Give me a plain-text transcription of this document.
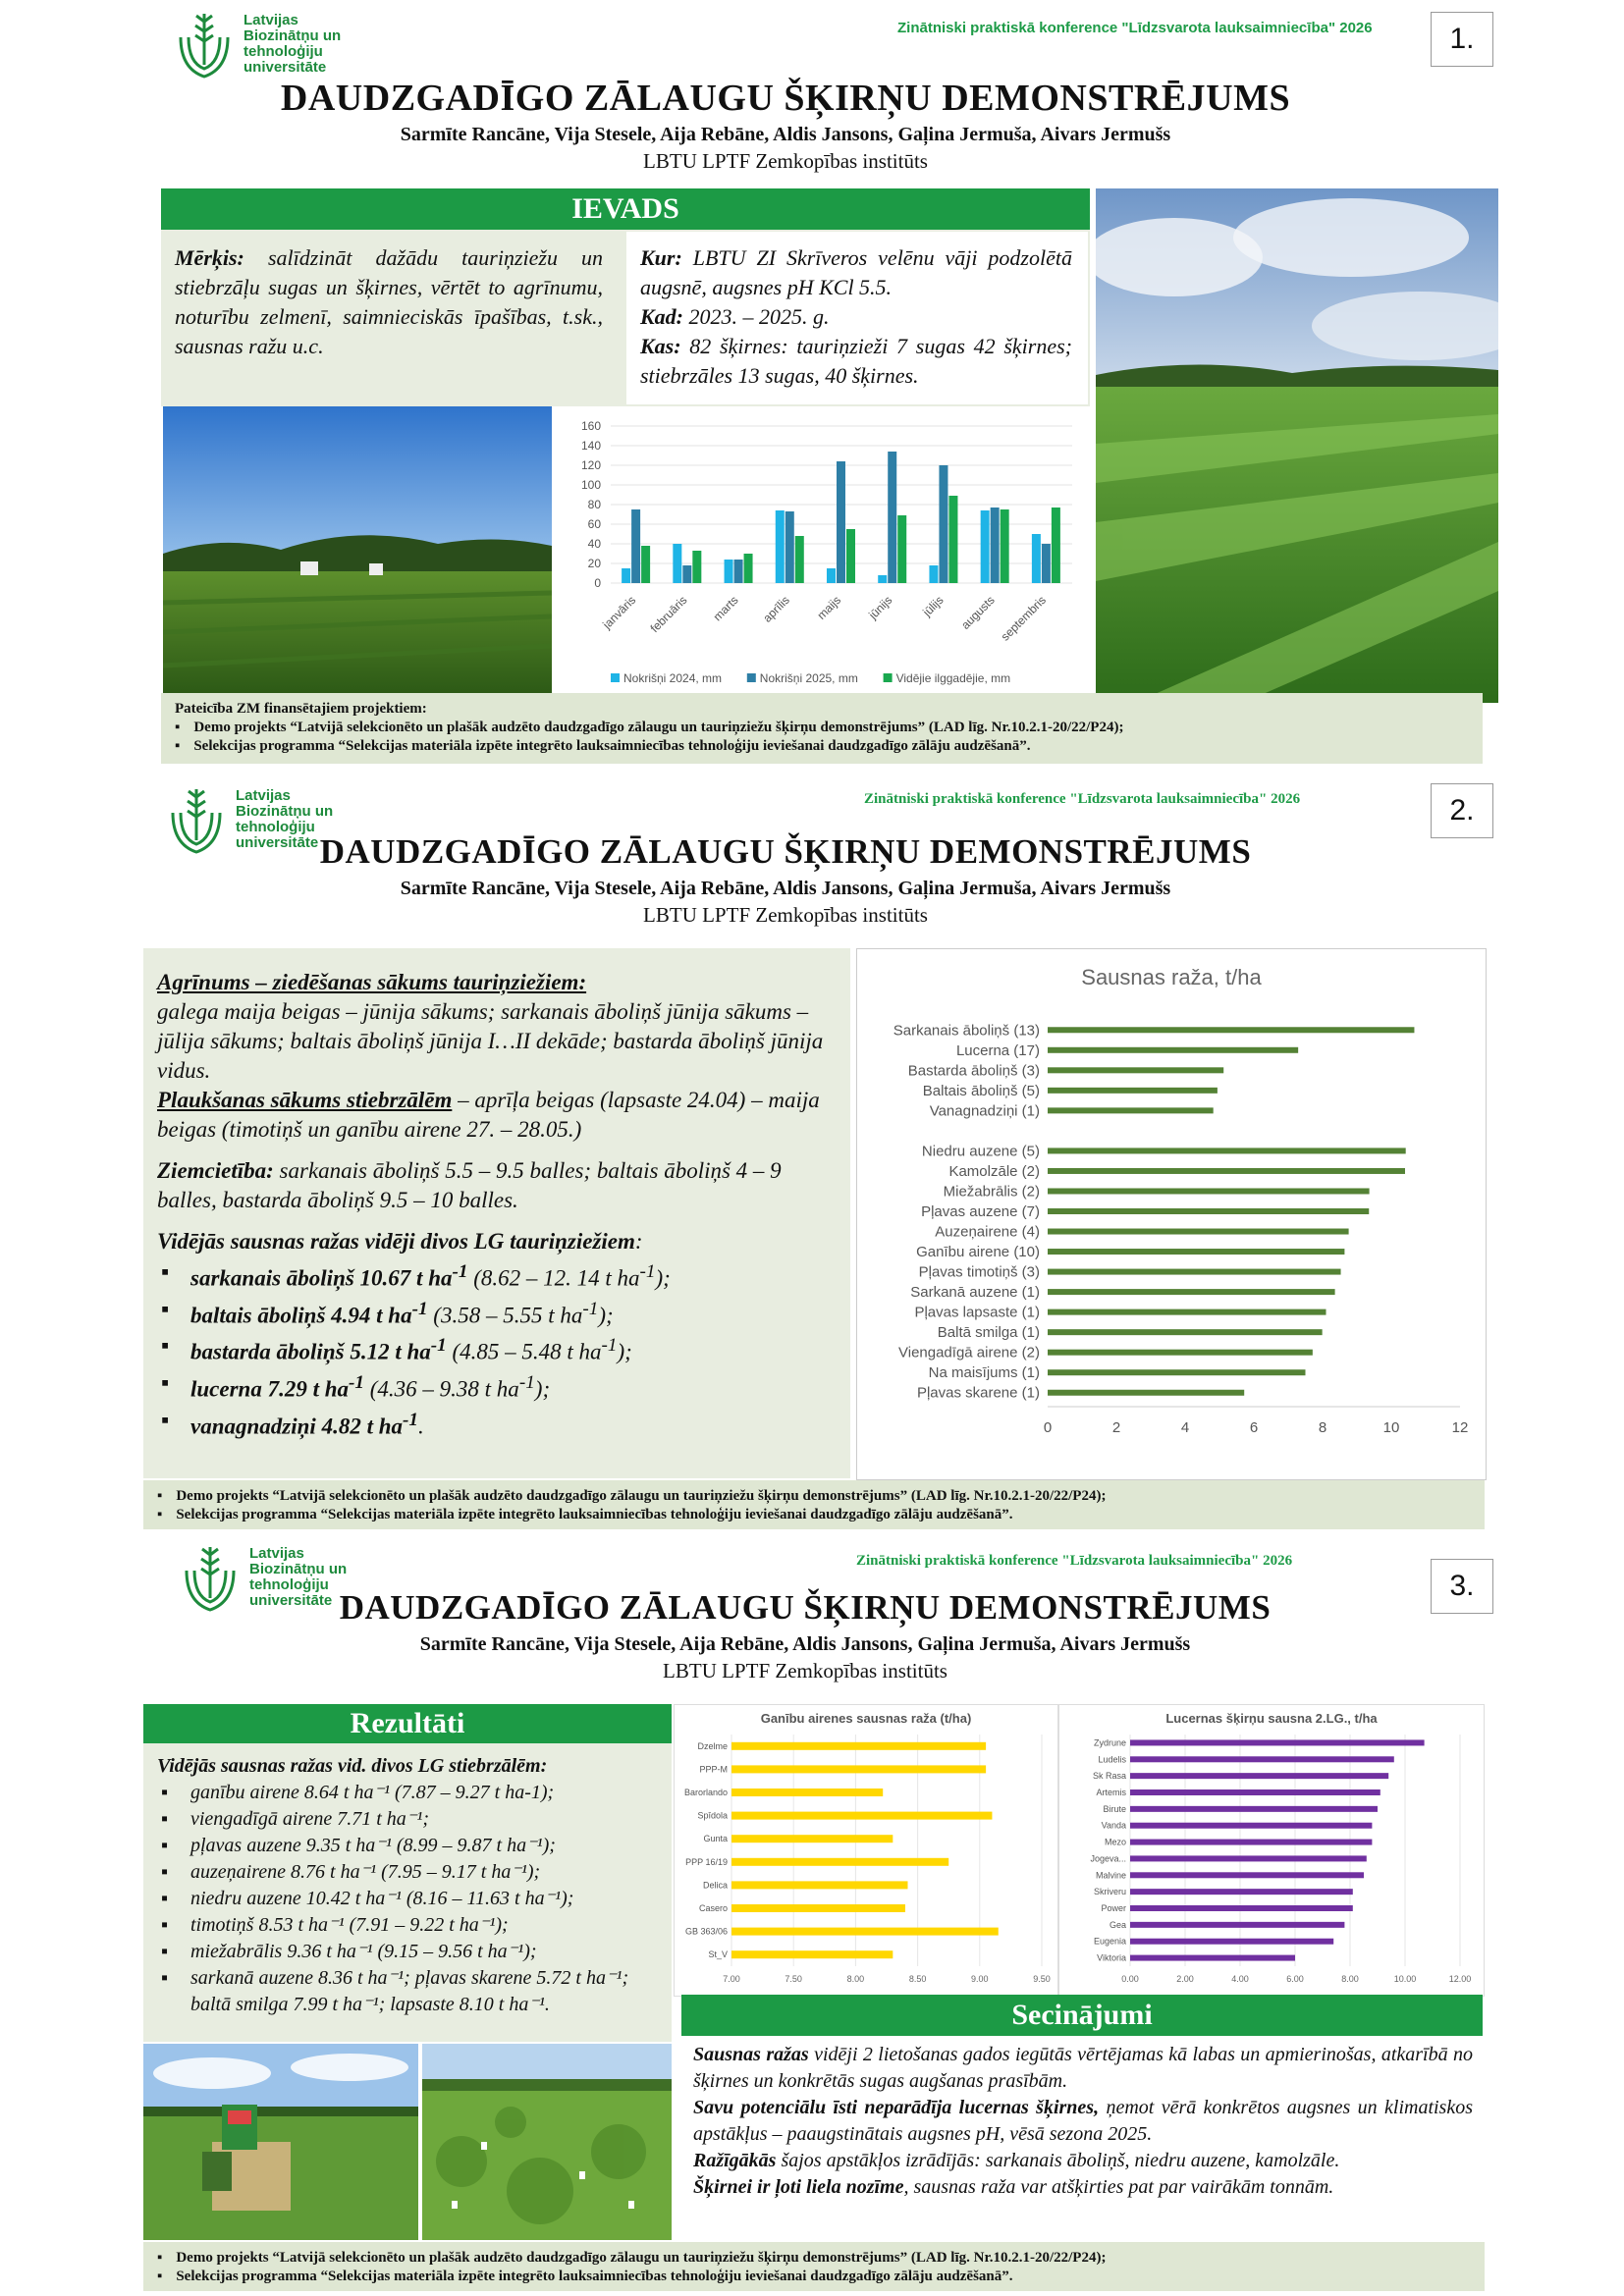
Latvijas
Biozinātņu un
tehnoloģiju
universitāte
Zinātniski praktiskā konference "Līdzsvarota lauksaimniecība" 2026	1.
DAUDZGADĪGO ZĀLAUGU ŠĶIRŅU DEMONSTRĒJUMS
Sarmīte Rancāne, Vija Stesele, Aija Rebāne, Aldis Jansons, Gaļina Jermuša, Aivars Jermušs
LBTU LPTF Zemkopības institūts
IEVADS
Mērķis: salīdzināt dažādu tauriņziežu un stiebrzāļu sugas un šķirnes, vērtēt to agrīnumu, noturību zelmenī, saimnieciskās īpašības, t.sk., sausnas ražu u.c.
Kur: LBTU ZI Skrīveros velēnu vāji podzolētā augsnē, augsnes pH KCl 5.5.
Kad: 2023. – 2025. g.
Kas: 82 šķirnes: tauriņzieži 7 sugas 42 šķirnes; stiebrzāles 13 sugas, 40 šķirnes.
0
20
40
60
80
100
120
140
160
janvāris februāris marts aprīlis maijs jūnijs jūlijs augusts septembris
Nokrišņi 2024, mm	Nokrišņi 2025, mm	Vidējie ilggadējie, mm
Pateicība ZM finansētajiem projektiem:
▪ Demo projekts “Latvijā selekcionēto un plašāk audzēto daudzgadīgo zālaugu un tauriņziežu šķirņu demonstrējums” (LAD līg. Nr.10.2.1-20/22/P24);
▪ Selekcijas programma “Selekcijas materiāla izpēte integrēto lauksaimniecības tehnoloģiju ieviešanai daudzgadīgo zālāju audzēšanā”.
Latvijas
Biozinātņu un
tehnoloģiju
universitāte
Zinātniski praktiskā konference "Līdzsvarota lauksaimniecība" 2026	2.
DAUDZGADĪGO ZĀLAUGU ŠĶIRŅU DEMONSTRĒJUMS
Sarmīte Rancāne, Vija Stesele, Aija Rebāne, Aldis Jansons, Gaļina Jermuša, Aivars Jermušs
LBTU LPTF Zemkopības institūts
Agrīnums – ziedēšanas sākums tauriņziežiem:
galega maija beigas – jūnija sākums; sarkanais āboliņš jūnija sākums – jūlija sākums; baltais āboliņš jūnija I…II dekāde; bastarda āboliņš jūnija vidus.
Plaukšanas sākums stiebrzālēm – aprīļa beigas (lapsaste 24.04) – maija beigas (timotiņš un ganību airene 27. – 28.05.)
Ziemcietība: sarkanais āboliņš 5.5 – 9.5 balles; baltais āboliņš 4 – 9 balles, bastarda āboliņš 9.5 – 10 balles.
Vidējās sausnas ražas vidēji divos LG tauriņziežiem:
▪ sarkanais āboliņš 10.67 t $ha^{-1}$ (8.62 – 12. 14 t $ha^{-1}$);
▪ baltais āboliņš 4.94 t $ha^{-1}$ (3.58 – 5.55 t $ha^{-1}$);
▪ bastarda āboliņš 5.12 t $ha^{-1}$ (4.85 – 5.48 t $ha^{-1}$);
▪ lucerna 7.29 t $ha^{-1}$ (4.36 – 9.38 t $ha^{-1}$);
▪ vanagnadziņi 4.82 t $ha^{-1}$.
Sausnas raža, t/ha
Sarkanais āboliņš (13)
Lucerna (17)
Bastarda āboliņš (3)
Baltais āboliņš (5)
Vanagnadziņi (1)
Niedru auzene (5)
Kamolzāle (2)
Miežabrālis (2)
Pļavas auzene (7)
Auzeņairene (4)
Ganību airene (10)
Pļavas timotiņš (3)
Sarkanā auzene (1)
Pļavas lapsaste (1)
Baltā smilga (1)
Viengadīgā airene (2)
Na maisījums (1)
Pļavas skarene (1)
0	2	4	6	8	10	12
▪ Demo projekts “Latvijā selekcionēto un plašāk audzēto daudzgadīgo zālaugu un tauriņziežu šķirņu demonstrējums” (LAD līg. Nr.10.2.1-20/22/P24);
▪ Selekcijas programma “Selekcijas materiāla izpēte integrēto lauksaimniecības tehnoloģiju ieviešanai daudzgadīgo zālāju audzēšanā”.
Latvijas
Biozinātņu un
tehnoloģiju
universitāte
Zinātniski praktiskā konference "Līdzsvarota lauksaimniecība" 2026
3.
DAUDZGADĪGO ZĀLAUGU ŠĶIRŅU DEMONSTRĒJUMS
Sarmīte Rancāne, Vija Stesele, Aija Rebāne, Aldis Jansons, Gaļina Jermuša, Aivars Jermušs
LBTU LPTF Zemkopības institūts
Rezultāti
Vidējās sausnas ražas vid. divos LG stiebrzālēm:
▪ ganību airene 8.64 t ha⁻¹ (7.87 – 9.27 t ha-1);
▪ viengadīgā airene 7.71 t ha⁻¹;
▪ pļavas auzene 9.35 t ha⁻¹ (8.99 – 9.87 t ha⁻¹);
▪ auzeņairene 8.76 t ha⁻¹ (7.95 – 9.17 t ha⁻¹);
▪ niedru auzene 10.42 t ha⁻¹ (8.16 – 11.63 t ha⁻¹);
▪ timotiņš 8.53 t ha⁻¹ (7.91 – 9.22 t ha⁻¹);
▪ miežabrālis 9.36 t ha⁻¹ (9.15 – 9.56 t ha⁻¹);
▪ sarkanā auzene 8.36 t ha⁻¹; pļavas skarene 5.72 t ha⁻¹; baltā smilga 7.99 t ha⁻¹; lapsaste 8.10 t ha⁻¹.
Ganību airenes sausnas raža (t/ha)
7.00	7.50	8.00	8.50	9.00	9.50
Dzelme
PPP-M
Barorlando
Spīdola
Gunta
PPP 16/19
Delica
Casero
GB 363/06
St_V
Lucernas šķirņu sausna 2.LG., t/ha
0.00	2.00	4.00	6.00	8.00	10.00	12.00
Zydrune
Ludelis
Sk Rasa
Artemis
Birute
Vanda
Mezo
Jogeva...
Malvine
Skriveru
Power
Gea
Eugenia
Viktoria
Secinājumi
Sausnas ražas vidēji 2 lietošanas gados iegūtās vērtējamas kā labas un apmierinošas, atkarībā no šķirnes un konkrētās sugas augšanas prasībām.
Savu potenciālu īsti neparādīja lucernas šķirnes, ņemot vērā konkrētos augsnes un klimatiskos apstākļus – paaugstinātais augsnes pH, vēsā sezona 2025.
Ražīgākās šajos apstākļos izrādījās: sarkanais āboliņš, niedru auzene, kamolzāle.
Šķirnei ir ļoti liela nozīme, sausnas raža var atšķirties pat par vairākām tonnām.
▪ Demo projekts “Latvijā selekcionēto un plašāk audzēto daudzgadīgo zālaugu un tauriņziežu šķirņu demonstrējums” (LAD līg. Nr.10.2.1-20/22/P24);
▪ Selekcijas programma “Selekcijas materiāla izpēte integrēto lauksaimniecības tehnoloģiju ieviešanai daudzgadīgo zālāju audzēšanā”.
